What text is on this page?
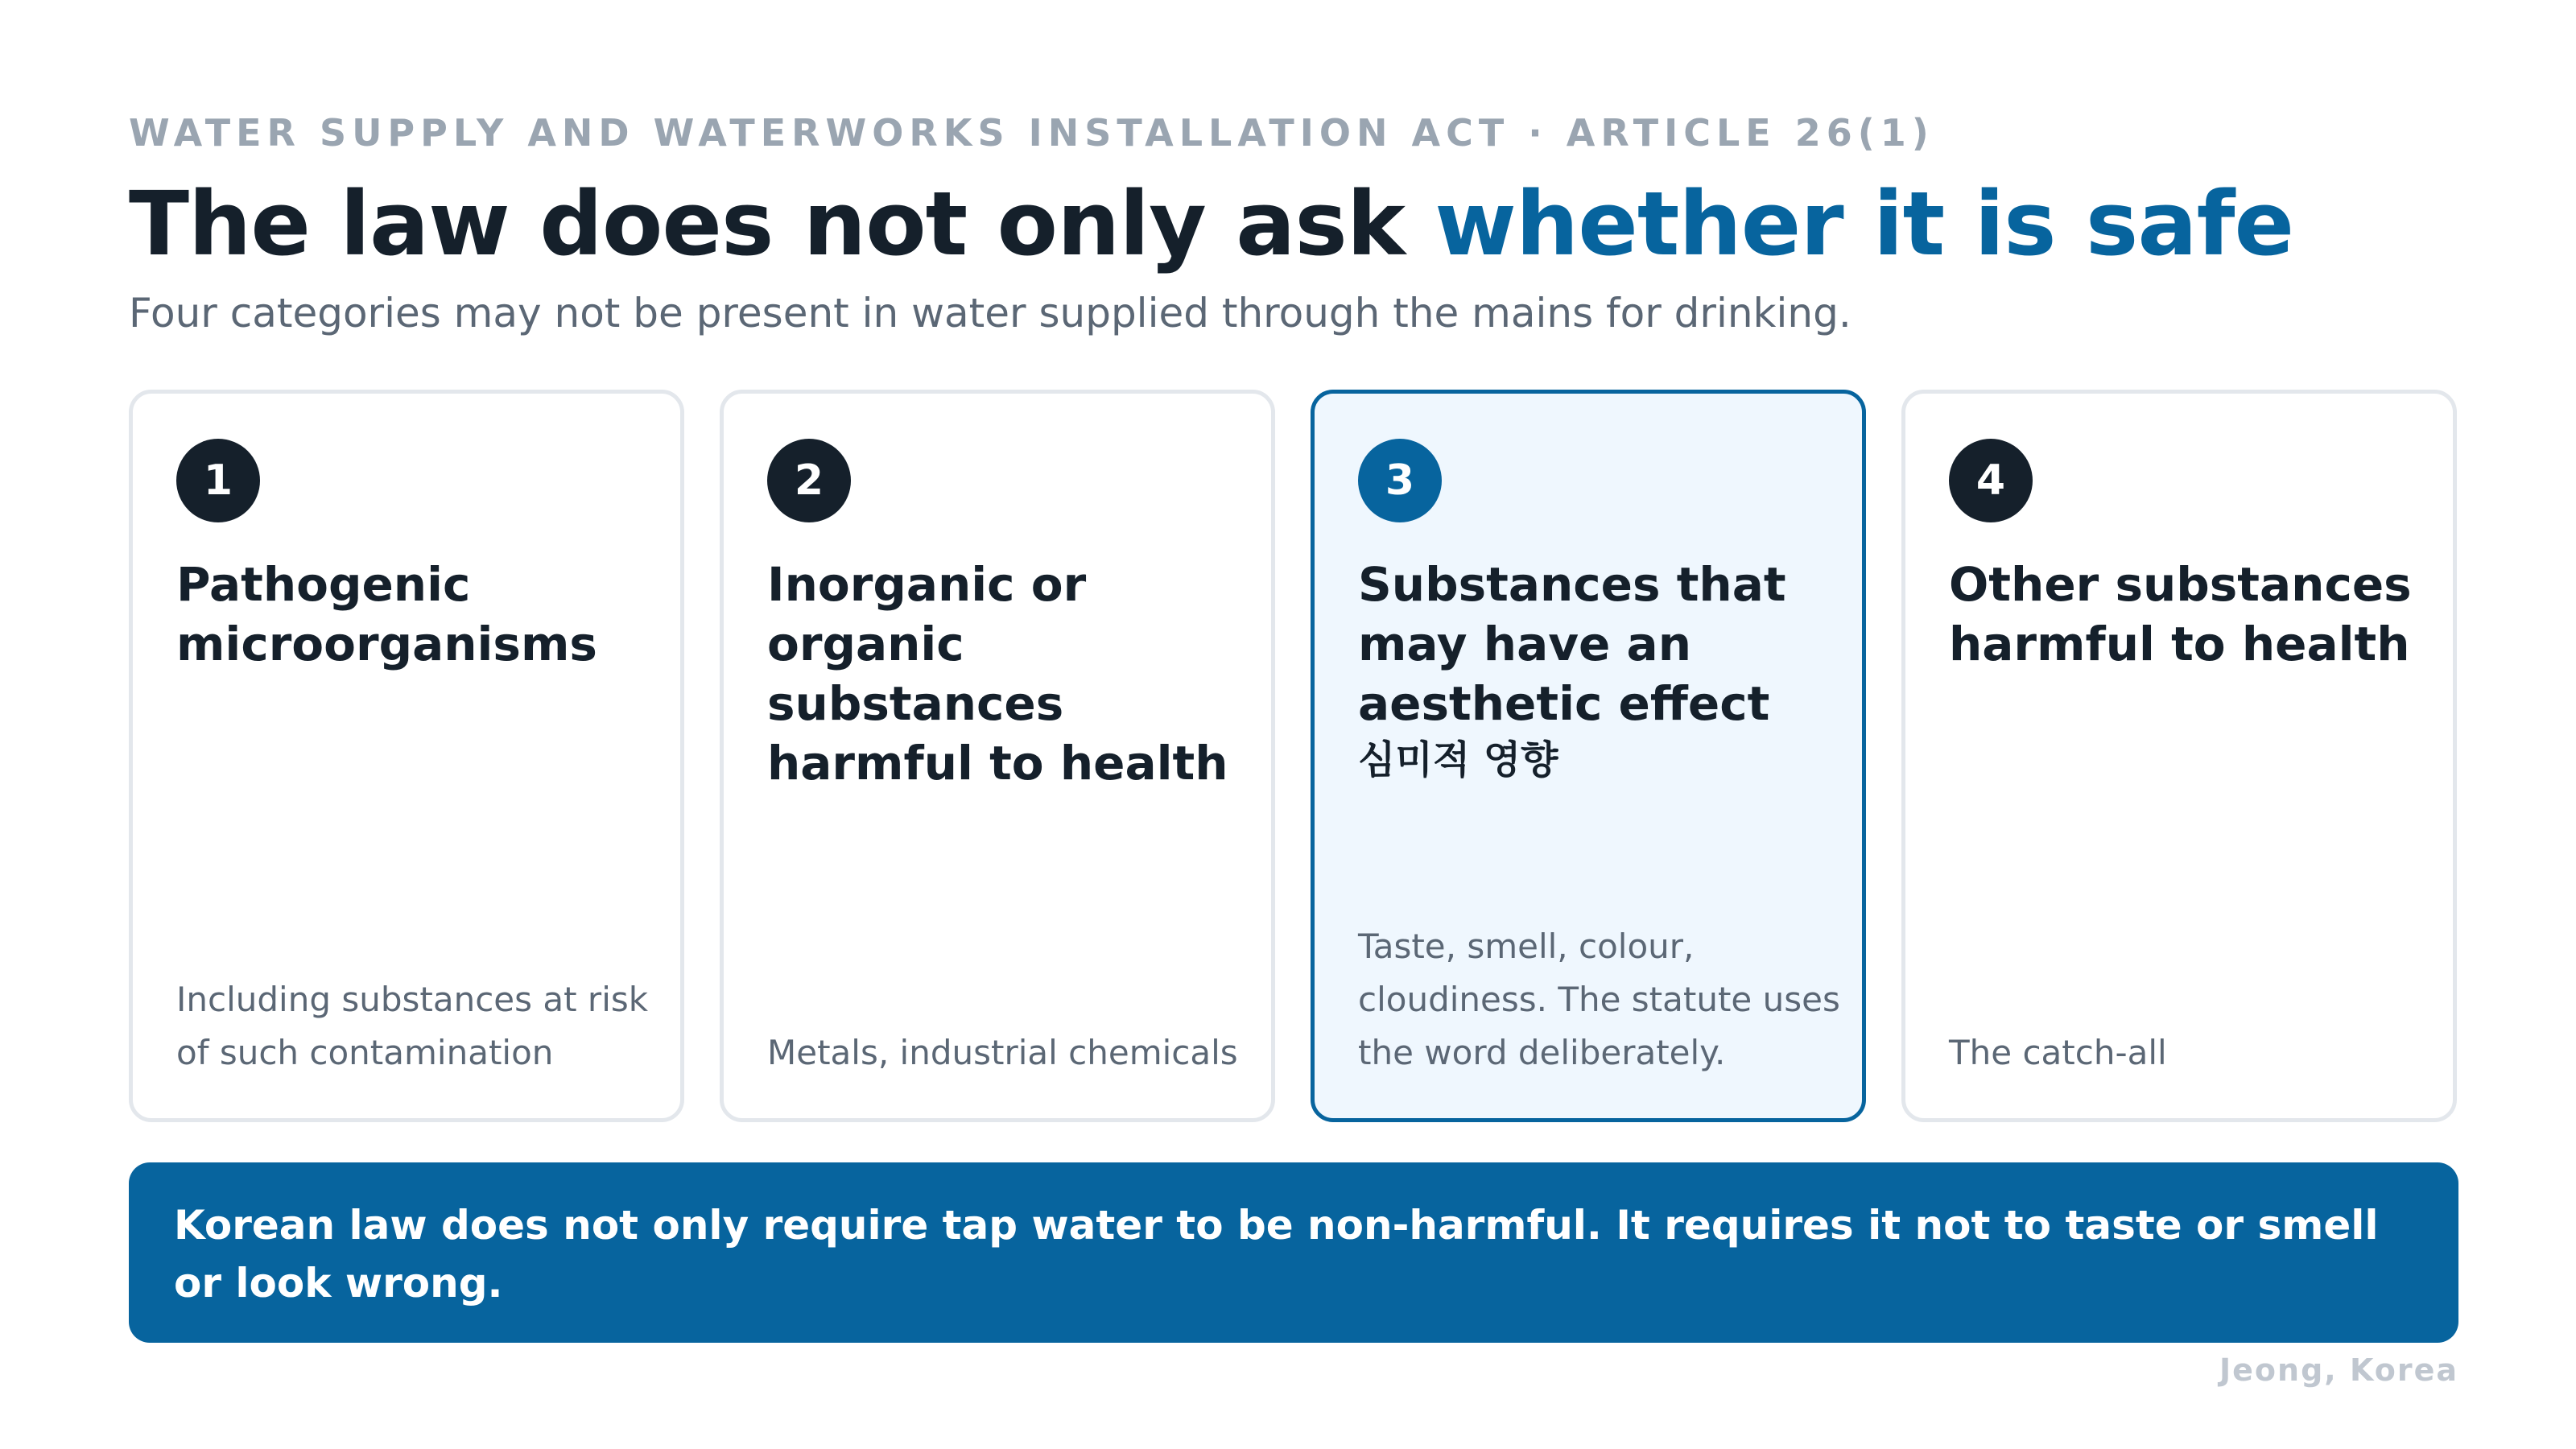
WATER SUPPLY AND WATERWORKS INSTALLATION ACT · ARTICLE 26(1)
The law does not only ask whether it is safe
Four categories may not be present in water supplied through the mains for drinking.
1
Pathogenic microorganisms
Including substances at risk of such contamination
2
Inorganic or organic substances harmful to health
Metals, industrial chemicals
3
Substances that may have an aesthetic effect
심미적 영향
Taste, smell, colour, cloudiness. The statute uses the word deliberately.
4
Other substances harmful to health
The catch-all
Korean law does not only require tap water to be non-harmful. It requires it not to taste or smell or look wrong.
Jeong, Korea
